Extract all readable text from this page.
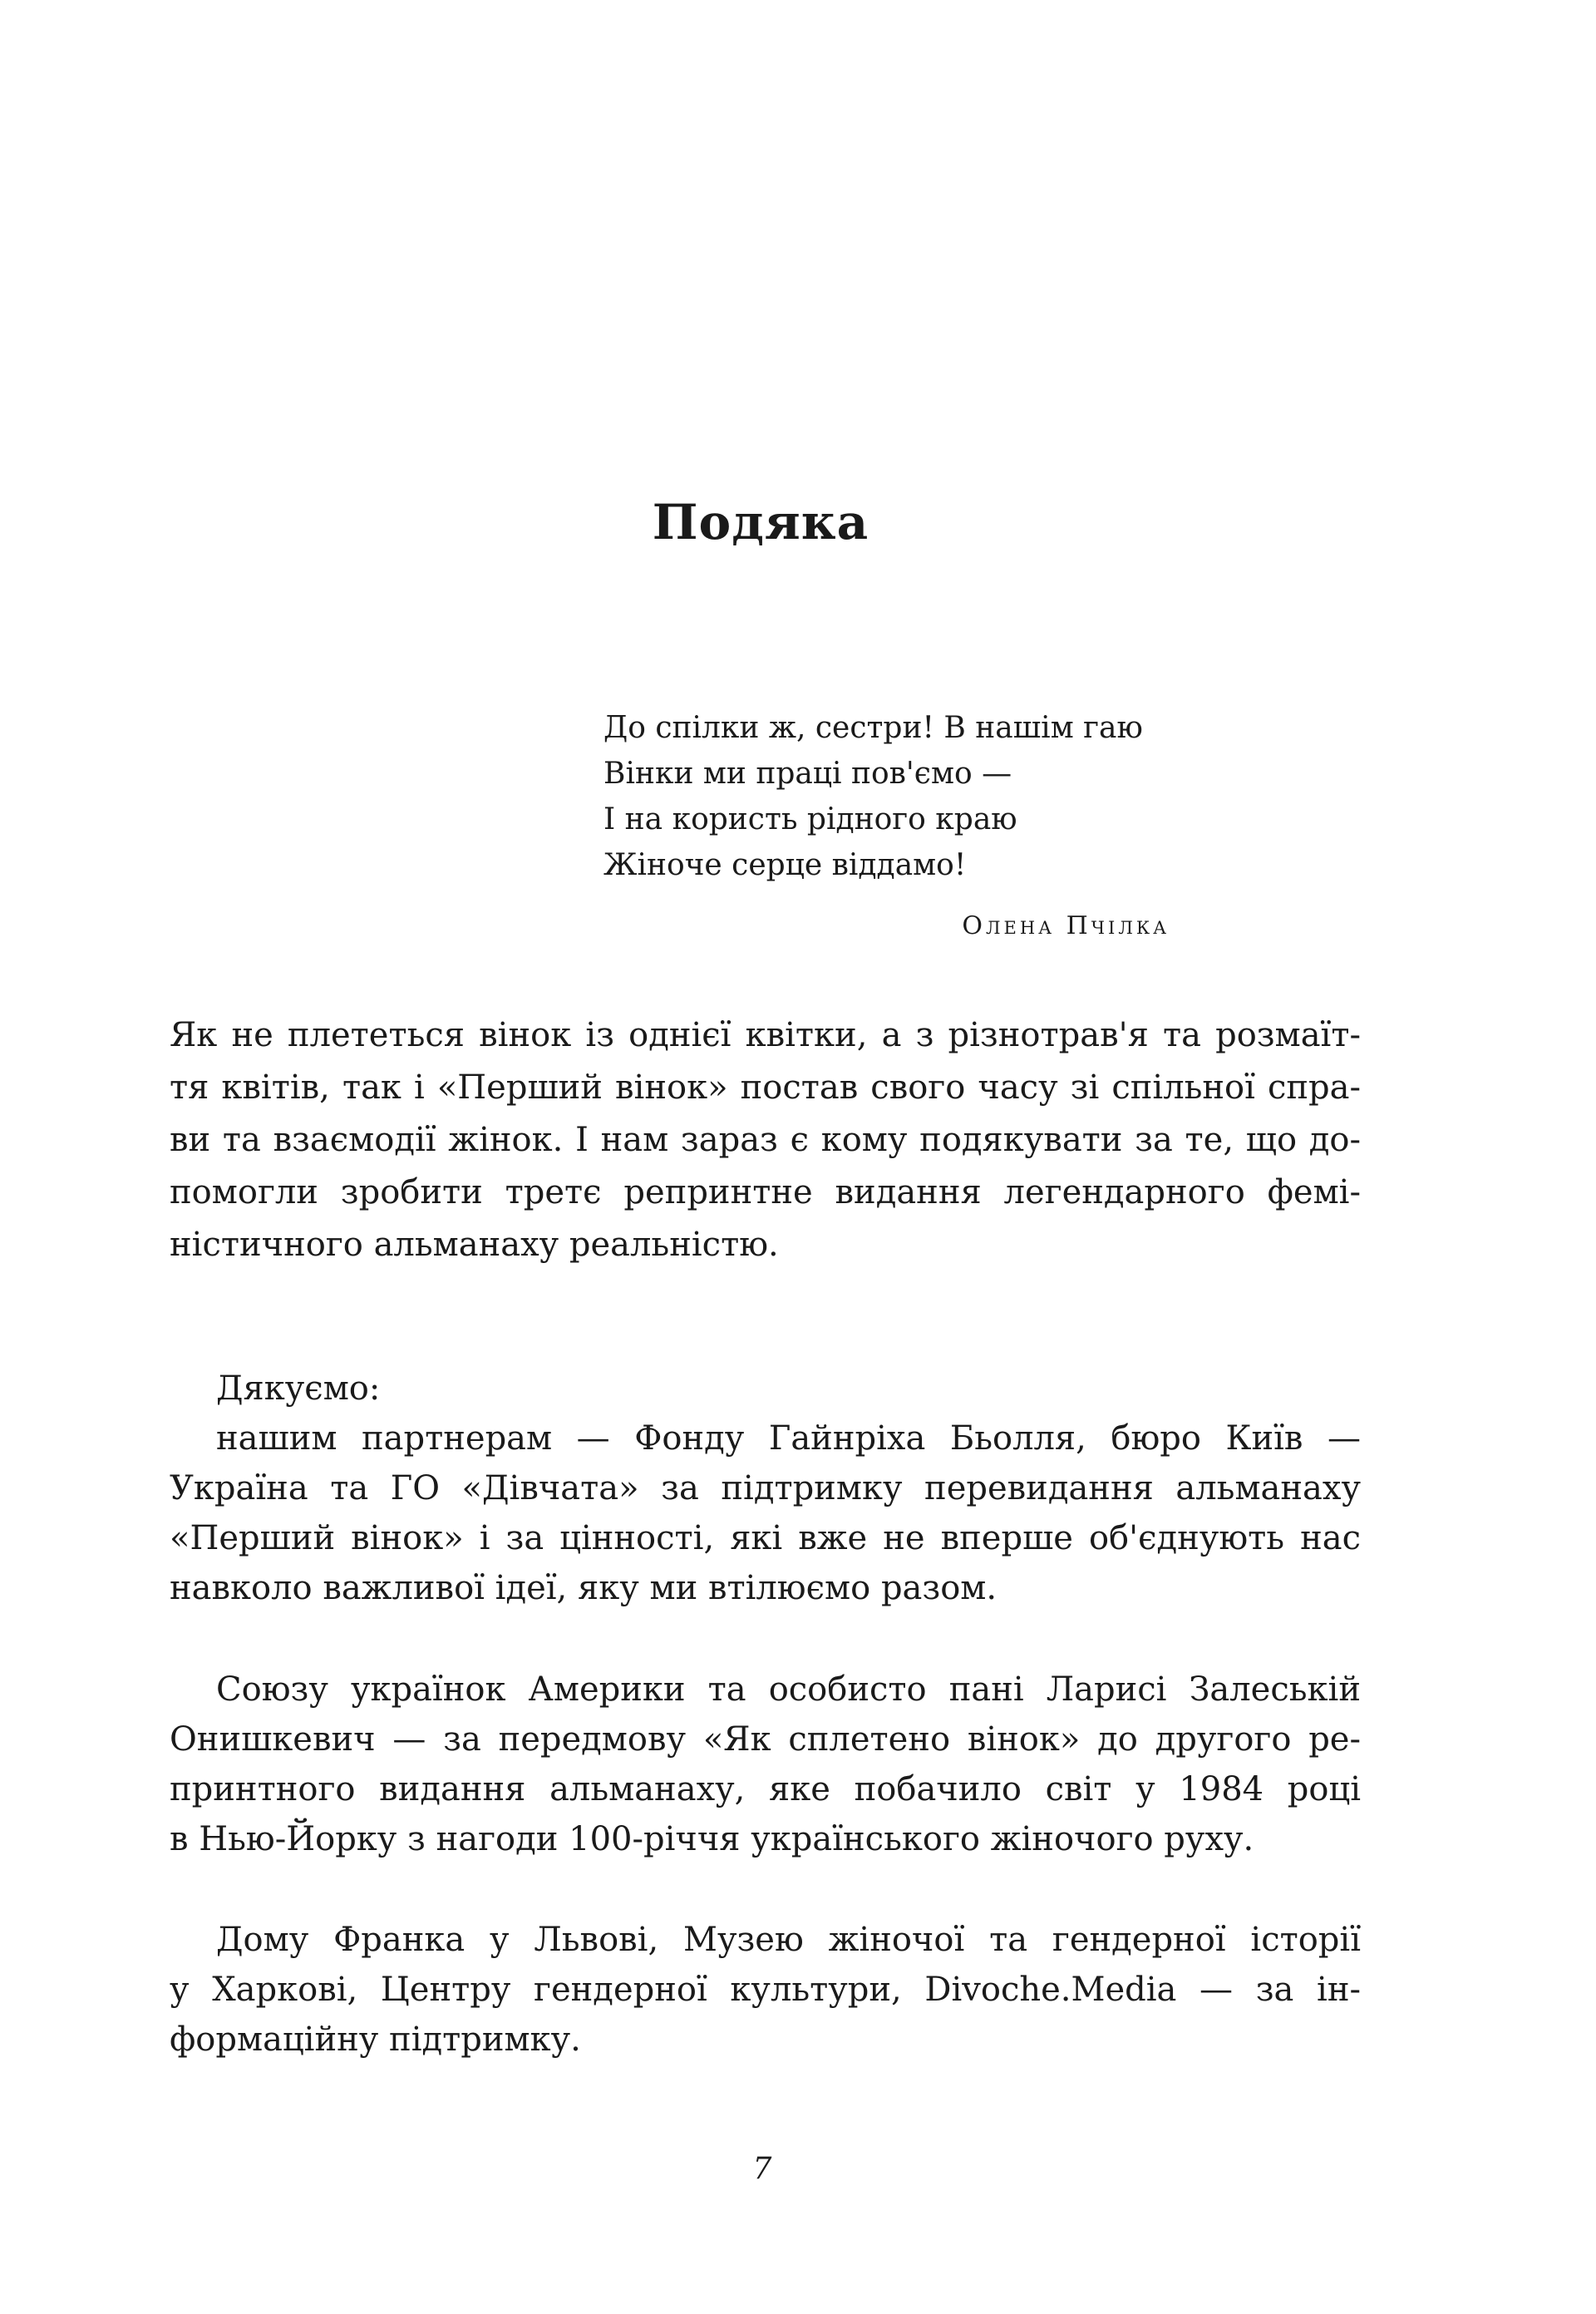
Подяка
До спілки ж, сестри! В нашім гаю
Вінки ми праці пов'ємо —
І на користь рідного краю
Жіноче серце віддамо!
Олена Пчілка
Як не плететься вінок із однієї квітки, а з різнотрав'я та розмаїт-
тя квітів, так і «Перший вінок» постав свого часу зі спільної спра-
ви та взаємодії жінок. І нам зараз є кому подякувати за те, що до-
помогли зробити третє репринтне видання легендарного фемі-
ністичного альманаху реальністю.
Дякуємо:
нашим партнерам — Фонду Гайнріха Бьолля, бюро Київ —
Україна та ГО «Дівчата» за підтримку перевидання альманаху
«Перший вінок» і за цінності, які вже не вперше об'єднують нас
навколо важливої ідеї, яку ми втілюємо разом.
Союзу українок Америки та особисто пані Ларисі Залеській
Онишкевич — за передмову «Як сплетено вінок» до другого ре-
принтного видання альманаху, яке побачило світ у 1984 році
в Нью-Йорку з нагоди 100-річчя українського жіночого руху.
Дому Франка у Львові, Музею жіночої та гендерної історії
у Харкові, Центру гендерної культури, Divoche.Media — за ін-
формаційну підтримку.
7
